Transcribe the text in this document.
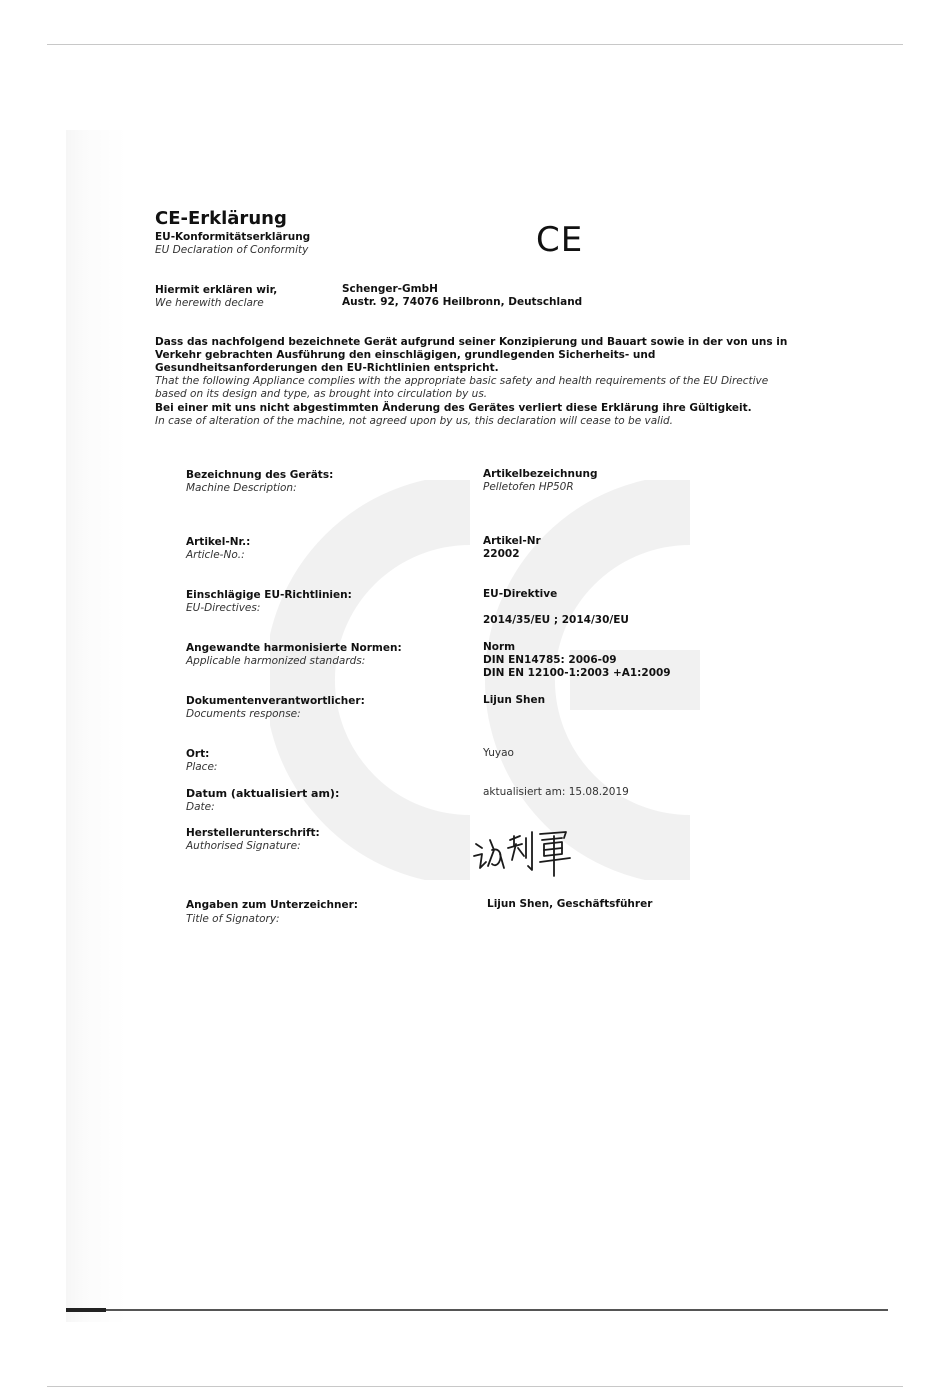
CE-Erklärung
EU-Konformitätserklärung
EU Declaration of Conformity	CE
Hiermit erklären wir,
We herewith declare
Schenger-GmbH
Austr. 92, 74076 Heilbronn, Deutschland
Dass das nachfolgend bezeichnete Gerät aufgrund seiner Konzipierung und Bauart sowie in der von uns in
Verkehr gebrachten Ausführung den einschlägigen, grundlegenden Sicherheits- und
Gesundheitsanforderungen den EU-Richtlinien entspricht.
That the following Appliance complies with the appropriate basic safety and health requirements of the EU Directive
based on its design and type, as brought into circulation by us.
Bei einer mit uns nicht abgestimmten Änderung des Gerätes verliert diese Erklärung ihre Gültigkeit.
In case of alteration of the machine, not agreed upon by us, this declaration will cease to be valid.
Bezeichnung des Geräts:
Machine Description:
Artikelbezeichnung
Pelletofen HP50R
Artikel-Nr.:
Article-No.:
Artikel-Nr
22002
Einschlägige EU-Richtlinien:
EU-Directives:
EU-Direktive
2014/35/EU ; 2014/30/EU
Angewandte harmonisierte Normen:
Applicable harmonized standards:
Norm
DIN EN14785: 2006-09
DIN EN 12100-1:2003 +A1:2009
Dokumentenverantwortlicher:
Documents response:
Lijun Shen
Ort:
Place:
Yuyao
Datum (aktualisiert am):
Date:
aktualisiert am: 15.08.2019
Herstellerunterschrift:
Authorised Signature:
Angaben zum Unterzeichner:
Title of Signatory:
Lijun Shen, Geschäftsführer
